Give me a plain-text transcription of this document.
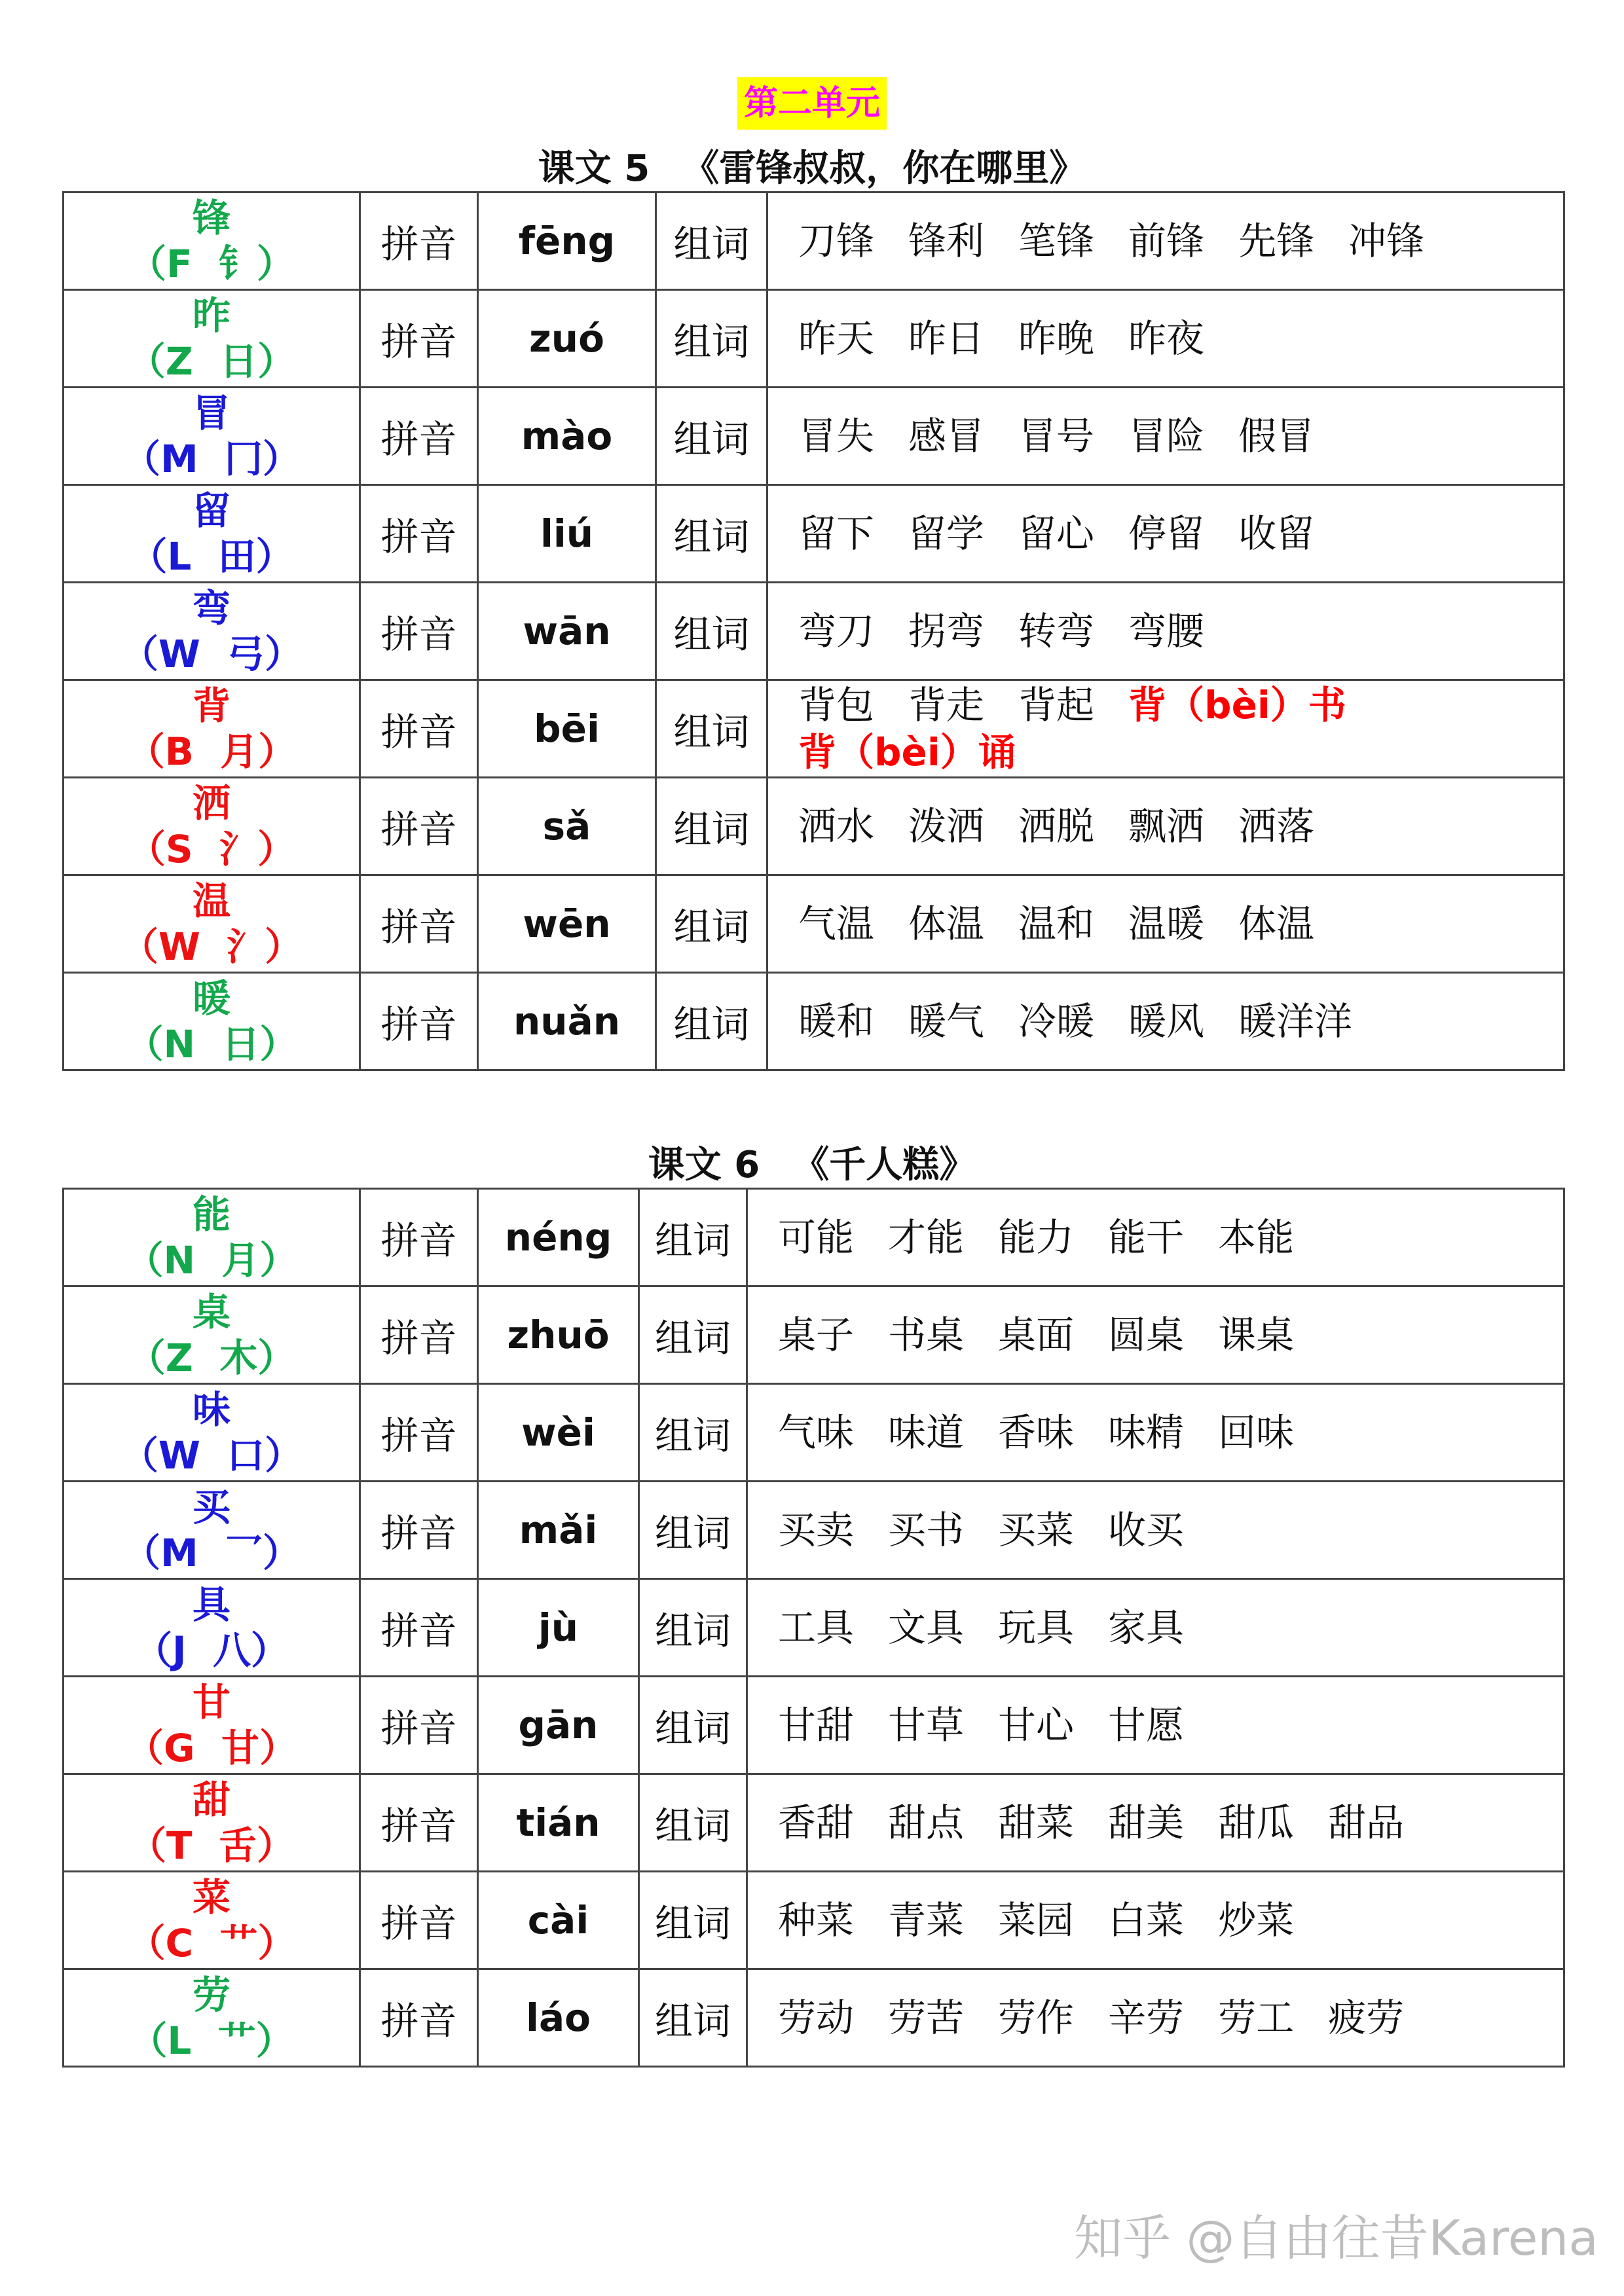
第二单元
课文 5 《雷锋叔叔，你在哪里》
锋
（F  钅）	拼音	fēng	组词	刀锋 锋利 笔锋 前锋 先锋 冲锋

昨
（Z  日）	拼音	zuó	组词	昨天 昨日 昨晚 昨夜

冒
（M  冂）	拼音	mào	组词	冒失 感冒 冒号 冒险 假冒

留
（L  田）	拼音	liú	组词	留下 留学 留心 停留 收留

弯
（W  弓）	拼音	wān	组词	弯刀 拐弯 转弯 弯腰

背
（B  月）	拼音	bēi	组词	背包 背走 背起 背（bèi）书背（bèi）诵

洒
（S  氵）	拼音	sǎ	组词	洒水 泼洒 洒脱 飘洒 洒落

温
（W  氵）	拼音	wēn	组词	气温 体温 温和 温暖 体温

暖
（N  日）	拼音	nuǎn	组词	暖和 暖气 冷暖 暖风 暖洋洋
课文 6 《千人糕》
能
（N  月）	拼音	néng	组词	可能 才能 能力 能干 本能

桌
（Z  木）	拼音	zhuō	组词	桌子 书桌 桌面 圆桌 课桌

味
（W  口）	拼音	wèi	组词	气味 味道 香味 味精 回味

买
（M  乛）	拼音	mǎi	组词	买卖 买书 买菜 收买

具
（J  八）	拼音	jù	组词	工具 文具 玩具 家具

甘
（G  甘）	拼音	gān	组词	甘甜 甘草 甘心 甘愿

甜
（T  舌）	拼音	tián	组词	香甜 甜点 甜菜 甜美 甜瓜 甜品

菜
（C  艹）	拼音	cài	组词	种菜 青菜 菜园 白菜 炒菜

劳
（L  艹）	拼音	láo	组词	劳动 劳苦 劳作 辛劳 劳工 疲劳
知乎 @自由往昔Karena
